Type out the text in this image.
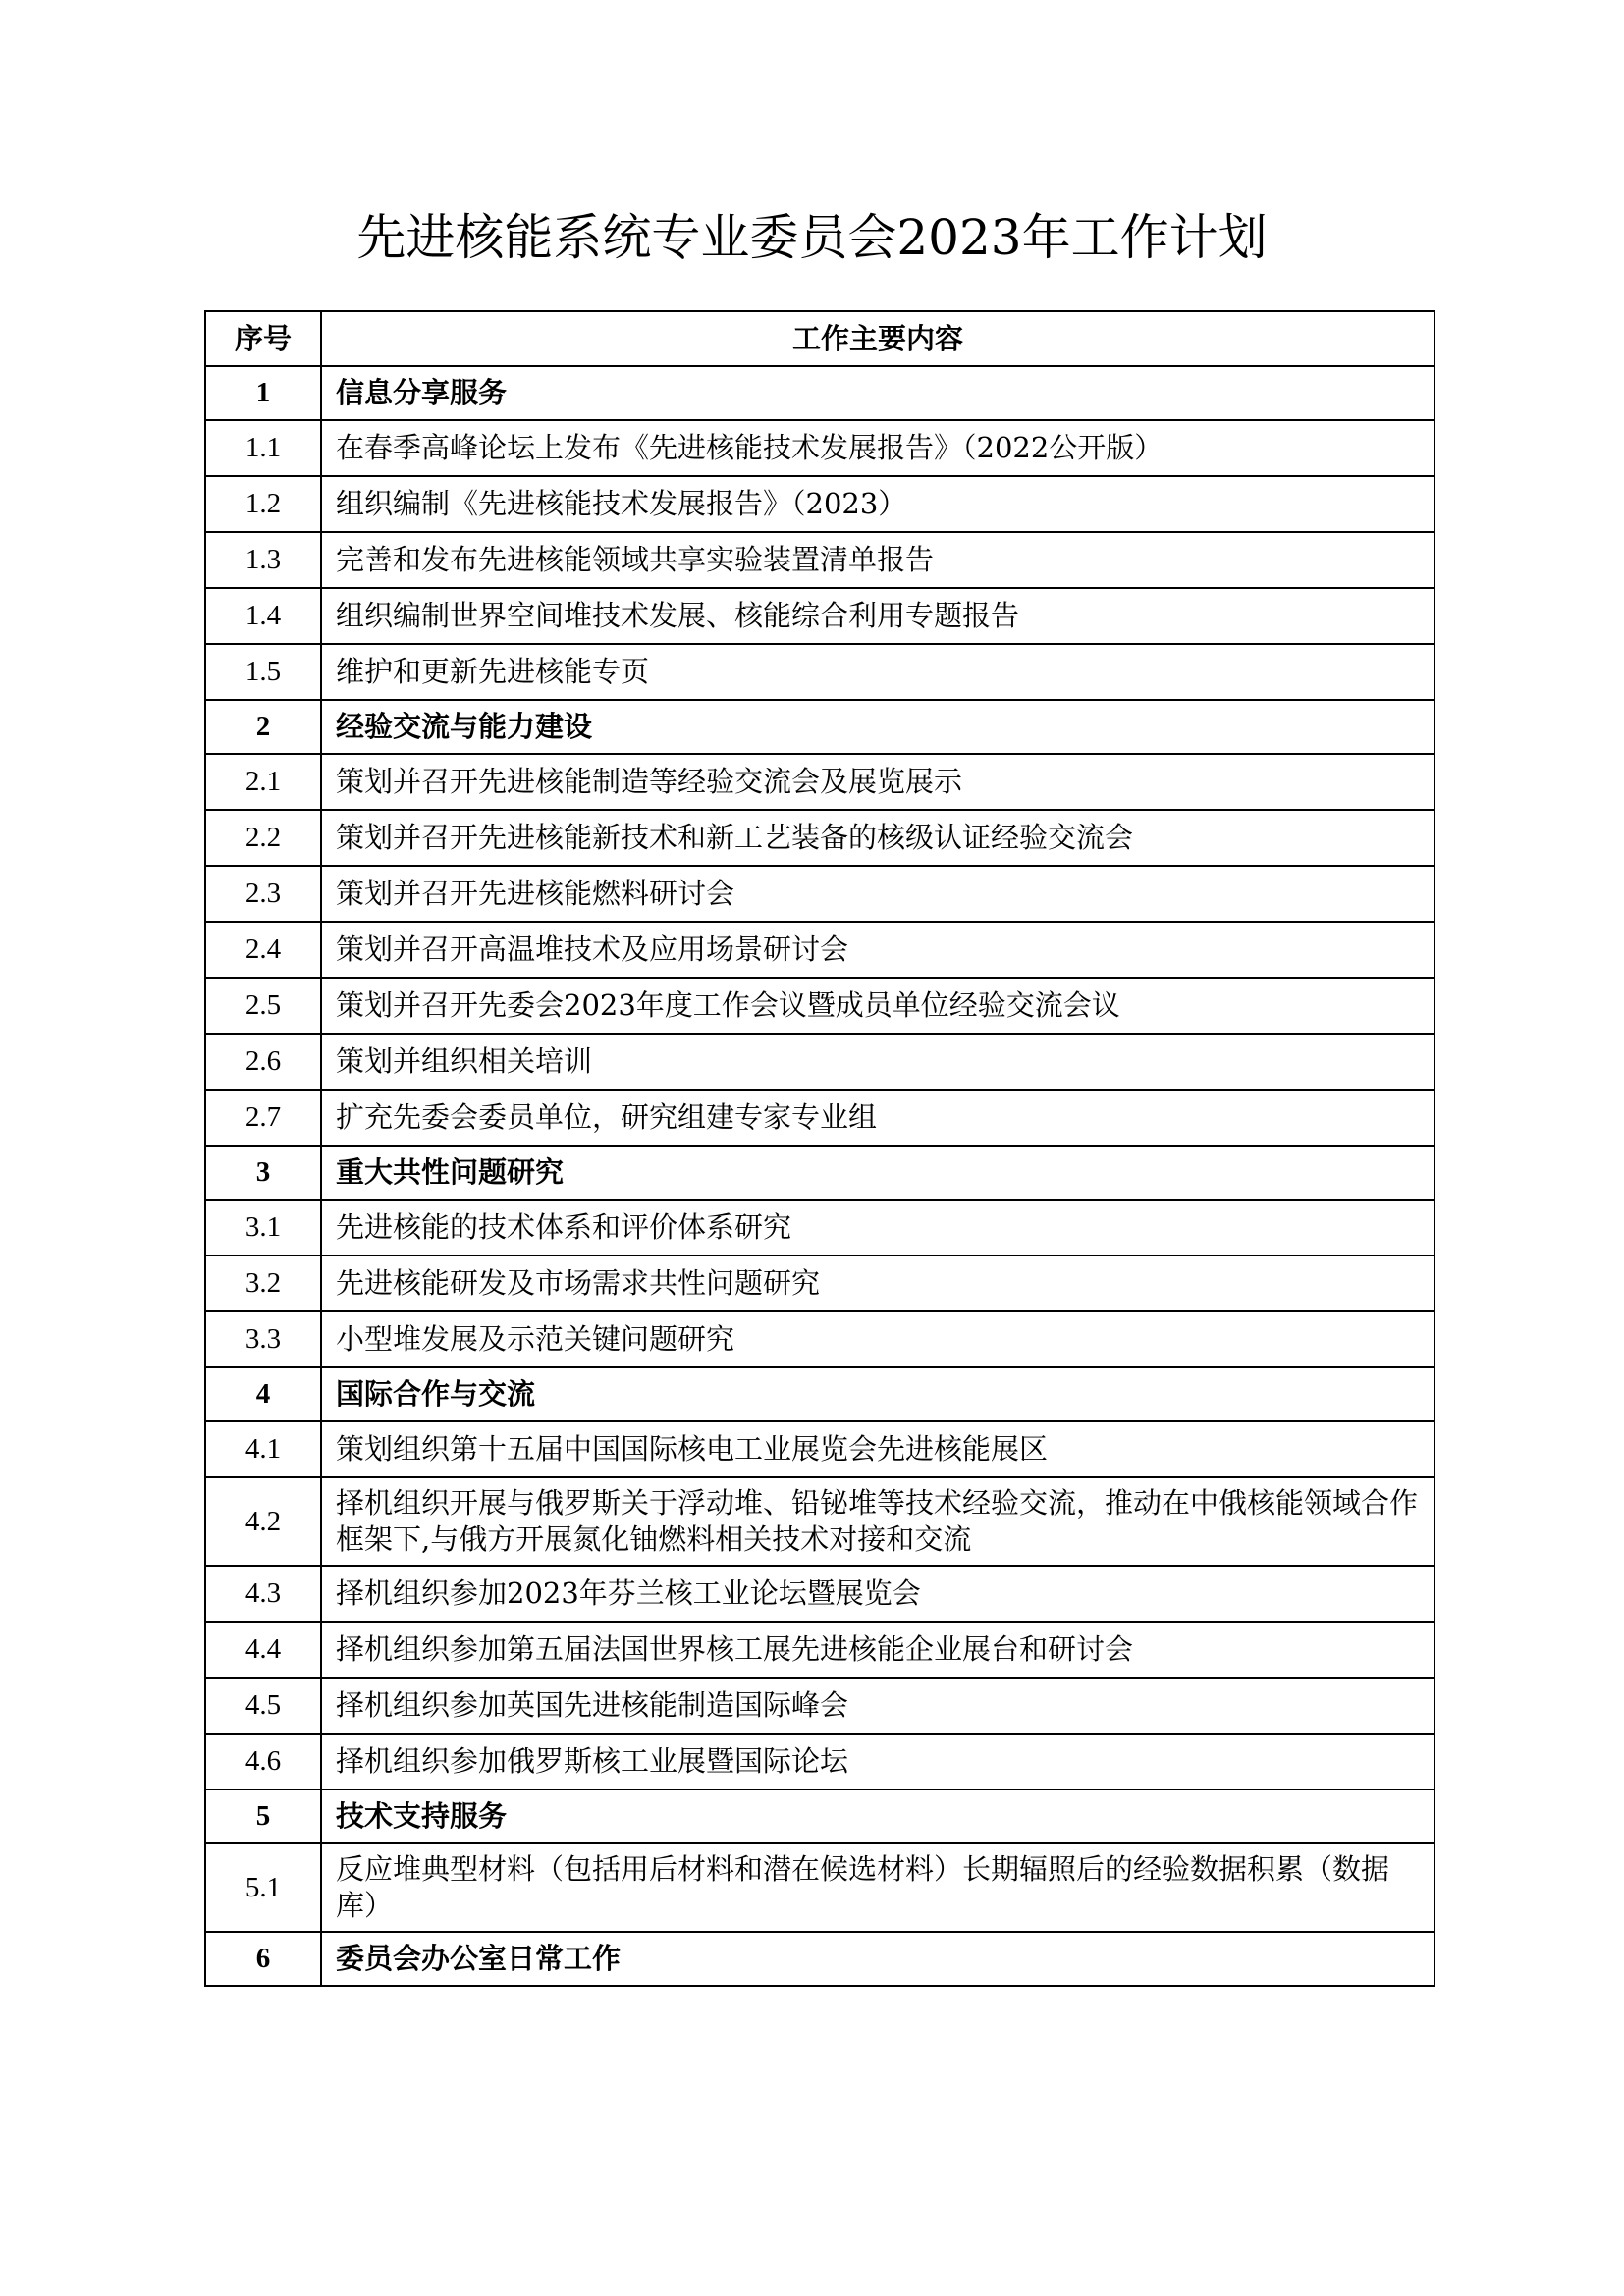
先进核能系统专业委员会2023年工作计划
序号	工作主要内容
1	信息分享服务
1.1	在春季高峰论坛上发布《先进核能技术发展报告》（2022公开版）
1.2	组织编制《先进核能技术发展报告》（2023）
1.3	完善和发布先进核能领域共享实验装置清单报告
1.4	组织编制世界空间堆技术发展、核能综合利用专题报告
1.5	维护和更新先进核能专页
2	经验交流与能力建设
2.1	策划并召开先进核能制造等经验交流会及展览展示
2.2	策划并召开先进核能新技术和新工艺装备的核级认证经验交流会
2.3	策划并召开先进核能燃料研讨会
2.4	策划并召开高温堆技术及应用场景研讨会
2.5	策划并召开先委会2023年度工作会议暨成员单位经验交流会议
2.6	策划并组织相关培训
2.7	扩充先委会委员单位，研究组建专家专业组
3	重大共性问题研究
3.1	先进核能的技术体系和评价体系研究
3.2	先进核能研发及市场需求共性问题研究
3.3	小型堆发展及示范关键问题研究
4	国际合作与交流
4.1	策划组织第十五届中国国际核电工业展览会先进核能展区
4.2	择机组织开展与俄罗斯关于浮动堆、铅铋堆等技术经验交流，推动在中俄核能领域合作框架下,与俄方开展氮化铀燃料相关技术对接和交流
4.3	择机组织参加2023年芬兰核工业论坛暨展览会
4.4	择机组织参加第五届法国世界核工展先进核能企业展台和研讨会
4.5	择机组织参加英国先进核能制造国际峰会
4.6	择机组织参加俄罗斯核工业展暨国际论坛
5	技术支持服务
5.1	反应堆典型材料（包括用后材料和潜在候选材料）长期辐照后的经验数据积累（数据库）
6	委员会办公室日常工作
